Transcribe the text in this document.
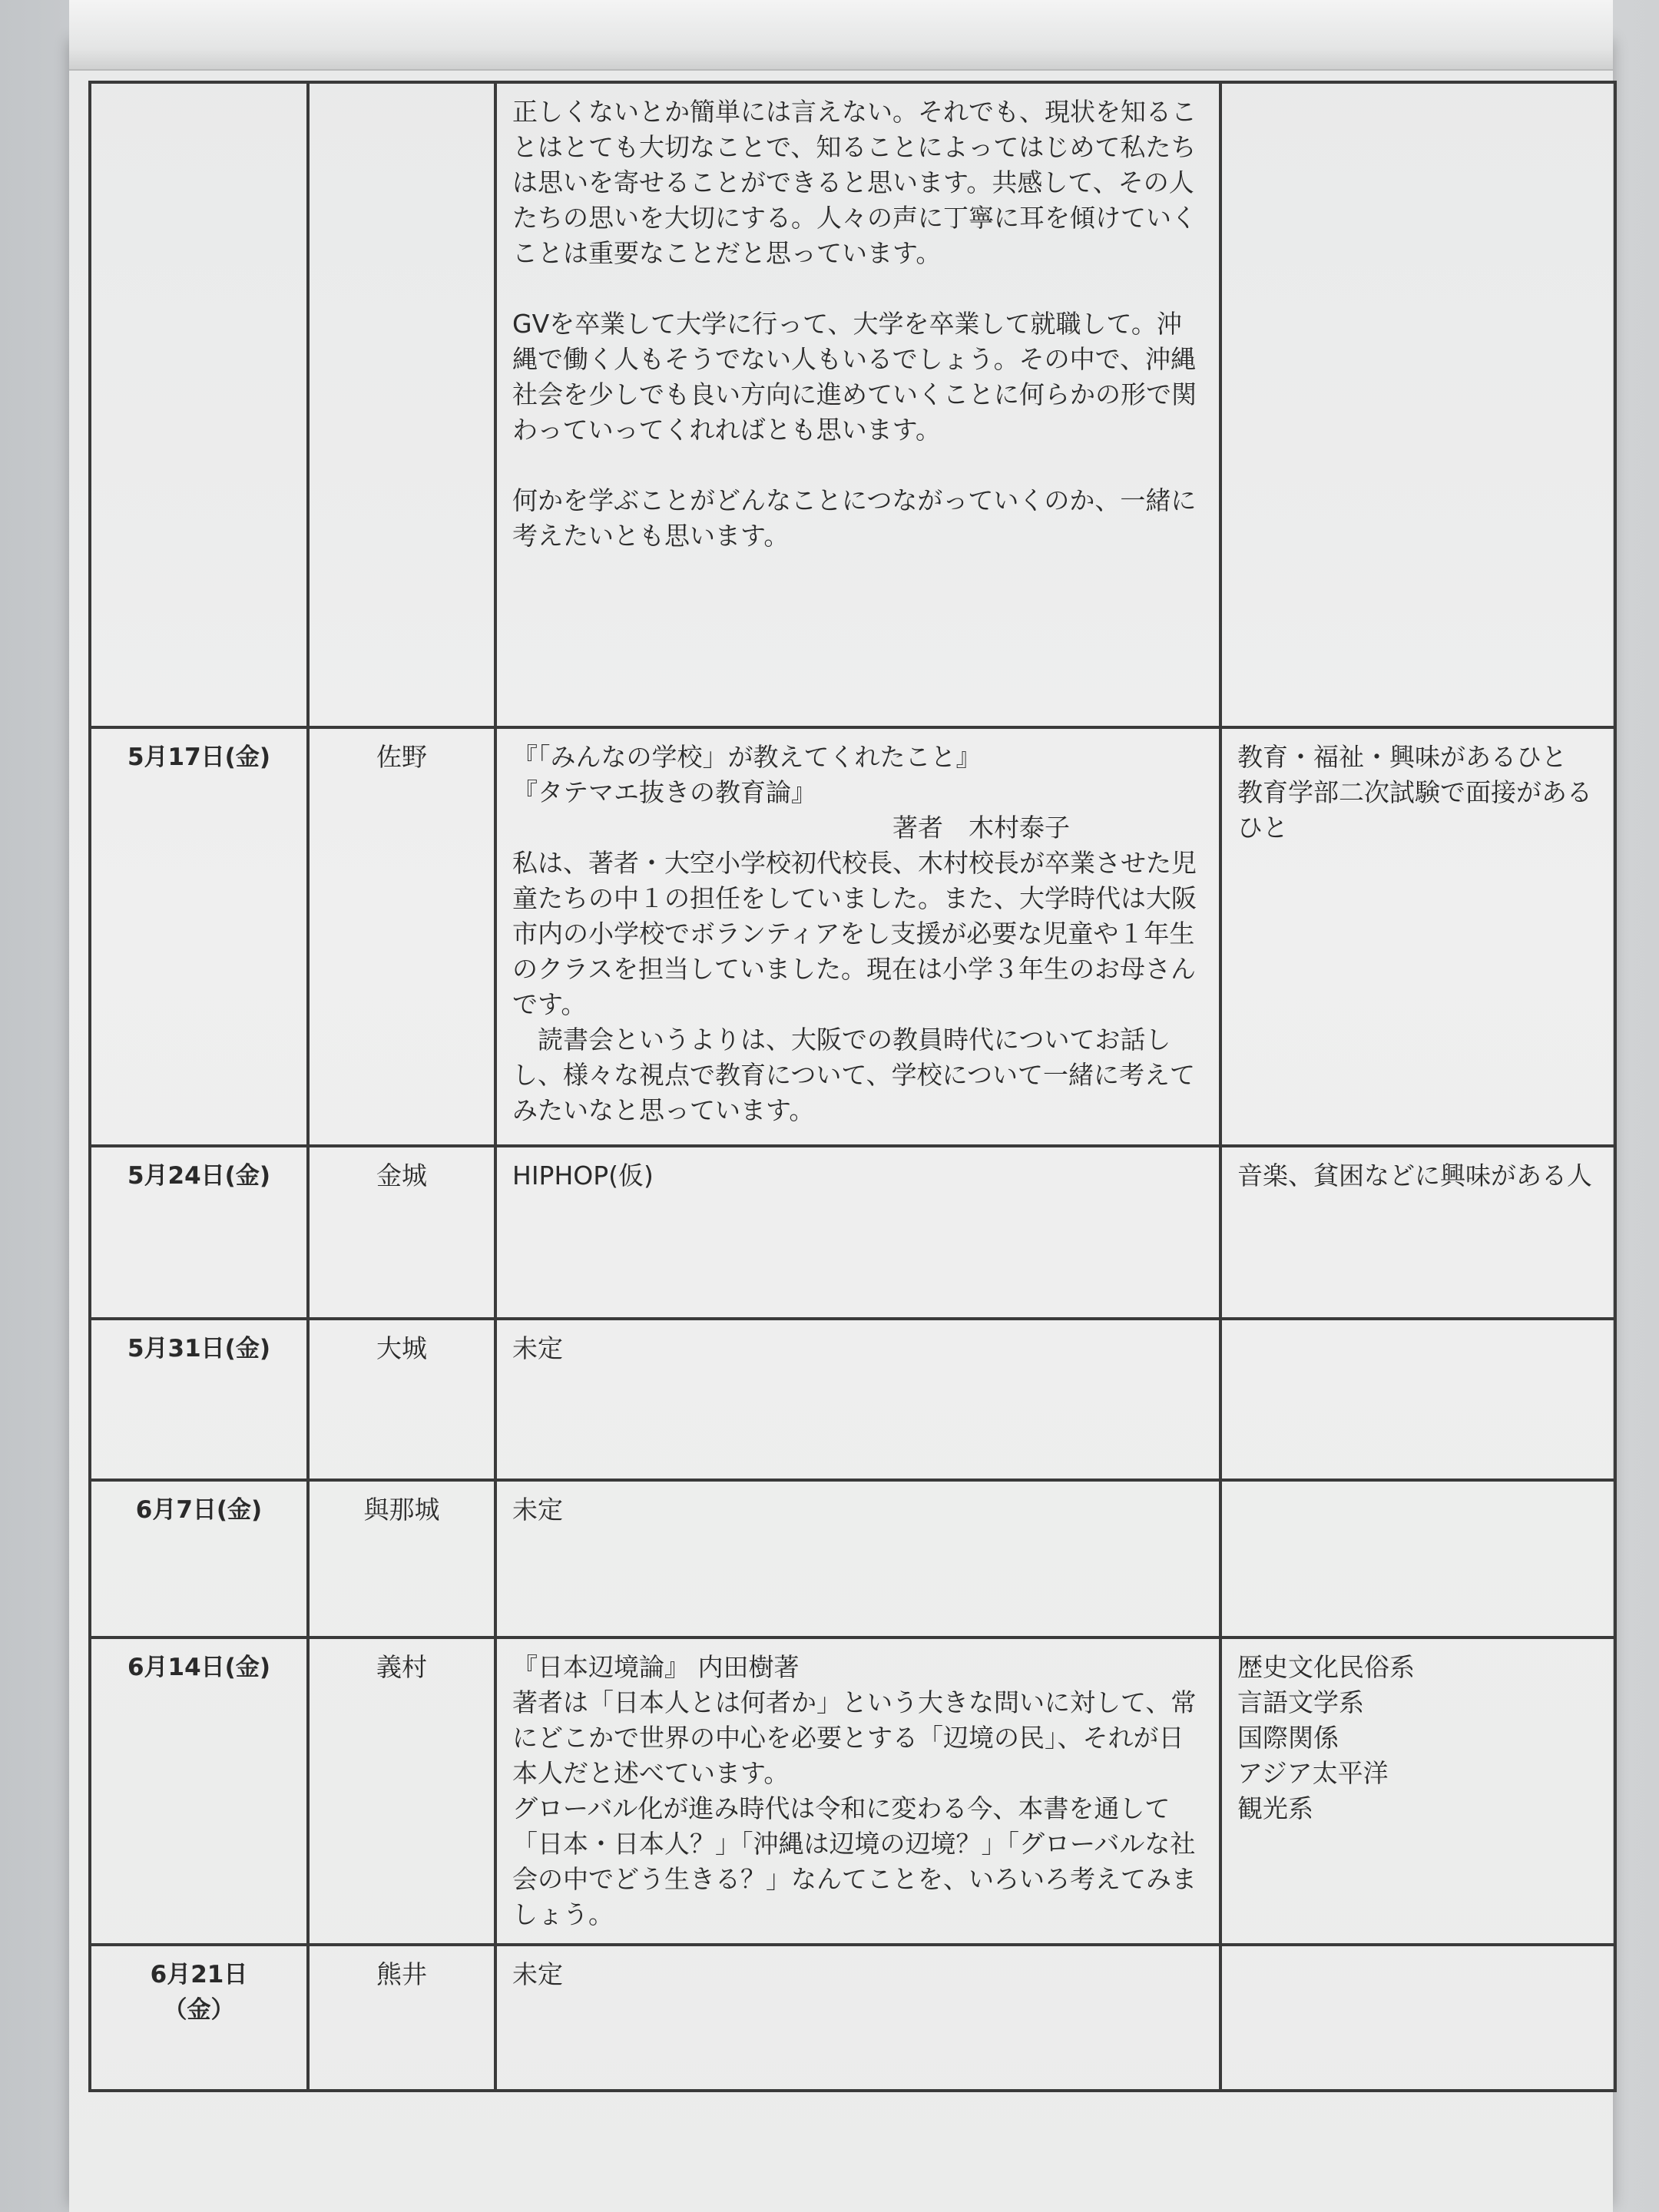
		正しくないとか簡単には言えない。それでも、現状を知ることはとても大切なことで、知ることによってはじめて私たちは思いを寄せることができると思います。共感して、その人たちの思いを大切にする。人々の声に丁寧に耳を傾けていくことは重要なことだと思っています。

GVを卒業して大学に行って、大学を卒業して就職して。沖縄で働く人もそうでない人もいるでしょう。その中で、沖縄社会を少しでも良い方向に進めていくことに何らかの形で関わっていってくれればとも思います。

何かを学ぶことがどんなことにつながっていくのか、一緒に考えたいとも思います。	

5月17日(金)	佐野	『「みんなの学校」が教えてくれたこと』
『タテマエ抜きの教育論』
　　　　　　　　　　　　　　　著者　木村泰子
私は、著者・大空小学校初代校長、木村校長が卒業させた児童たちの中１の担任をしていました。また、大学時代は大阪市内の小学校でボランティアをし支援が必要な児童や１年生のクラスを担当していました。現在は小学３年生のお母さんです。
　読書会というよりは、大阪での教員時代についてお話しし、様々な視点で教育について、学校について一緒に考えてみたいなと思っています。	教育・福祉・興味があるひと
教育学部二次試験で面接があるひと

5月24日(金)	金城	HIPHOP(仮)	音楽、貧困などに興味がある人

5月31日(金)	大城	未定	

6月7日(金)	與那城	未定	

6月14日(金)	義村	『日本辺境論』 内田樹著
著者は「日本人とは何者か」という大きな問いに対して、常にどこかで世界の中心を必要とする「辺境の民」、それが日本人だと述べています。
グローバル化が進み時代は令和に変わる今、本書を通して「日本・日本人？」「沖縄は辺境の辺境？」「グローバルな社会の中でどう生きる？」なんてことを、いろいろ考えてみましょう。	歴史文化民俗系
言語文学系
国際関係
アジア太平洋
観光系

6月21日
（金）	熊井	未定	
